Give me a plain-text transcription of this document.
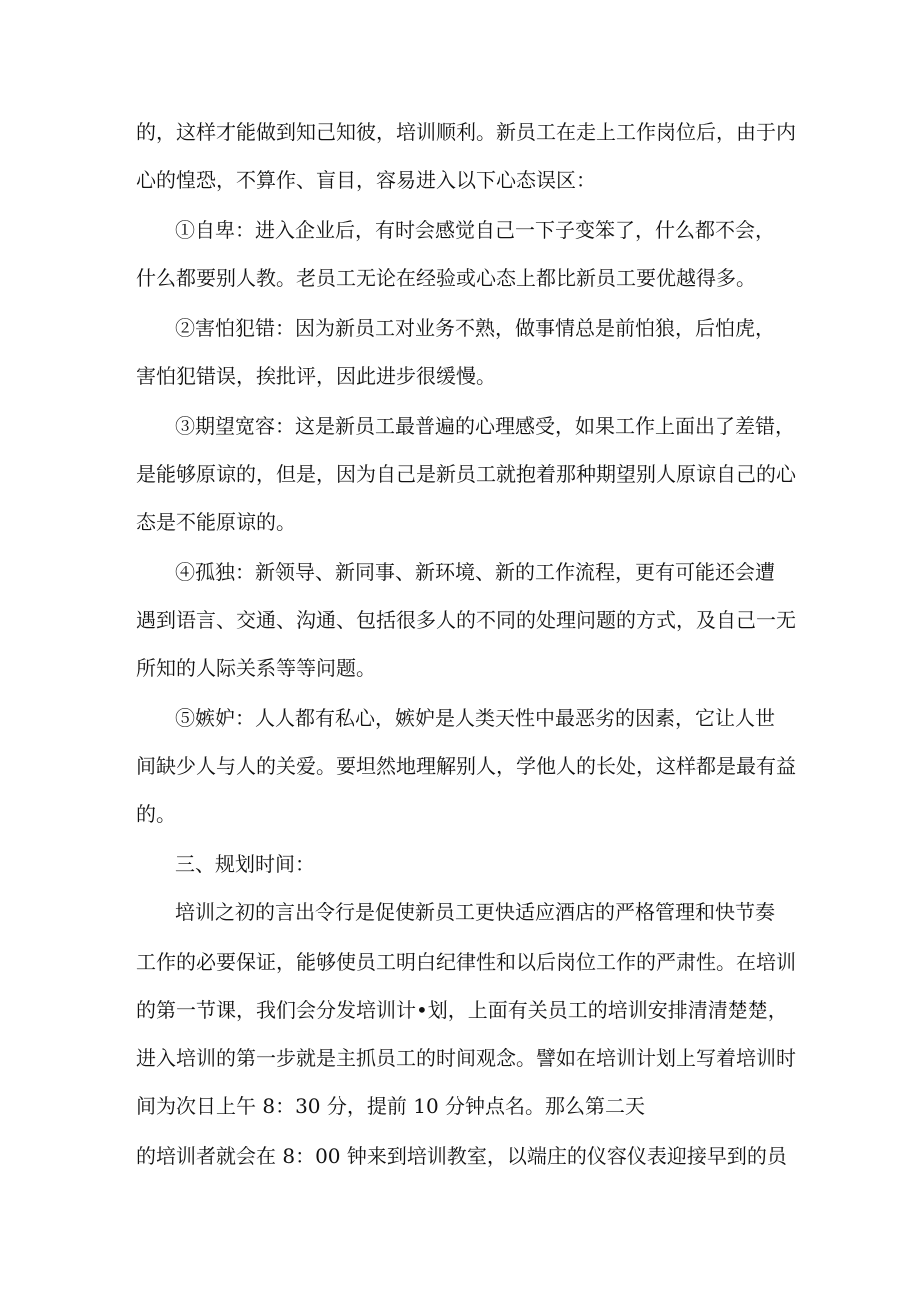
的，这样才能做到知己知彼，培训顺利。新员工在走上工作岗位后，由于内
心的惶恐，不算作、盲目，容易进入以下心态误区：
①自卑：进入企业后，有时会感觉自己一下子变笨了，什么都不会，
什么都要别人教。老员工无论在经验或心态上都比新员工要优越得多。
②害怕犯错：因为新员工对业务不熟，做事情总是前怕狼，后怕虎，
害怕犯错误，挨批评，因此进步很缓慢。
③期望宽容：这是新员工最普遍的心理感受，如果工作上面出了差错，
是能够原谅的，但是，因为自己是新员工就抱着那种期望别人原谅自己的心
态是不能原谅的。
④孤独：新领导、新同事、新环境、新的工作流程，更有可能还会遭
遇到语言、交通、沟通、包括很多人的不同的处理问题的方式，及自己一无
所知的人际关系等等问题。
⑤嫉妒：人人都有私心，嫉妒是人类天性中最恶劣的因素，它让人世
间缺少人与人的关爱。要坦然地理解别人，学他人的长处，这样都是最有益
的。
三、规划时间：
培训之初的言出令行是促使新员工更快适应酒店的严格管理和快节奏
工作的必要保证，能够使员工明白纪律性和以后岗位工作的严肃性。在培训
的第一节课，我们会分发培训计•划，上面有关员工的培训安排清清楚楚，
进入培训的第一步就是主抓员工的时间观念。譬如在培训计划上写着培训时
间为次日上午 8：30 分，提前 10 分钟点名。那么第二天
的培训者就会在 8：00 钟来到培训教室，以端庄的仪容仪表迎接早到的员
